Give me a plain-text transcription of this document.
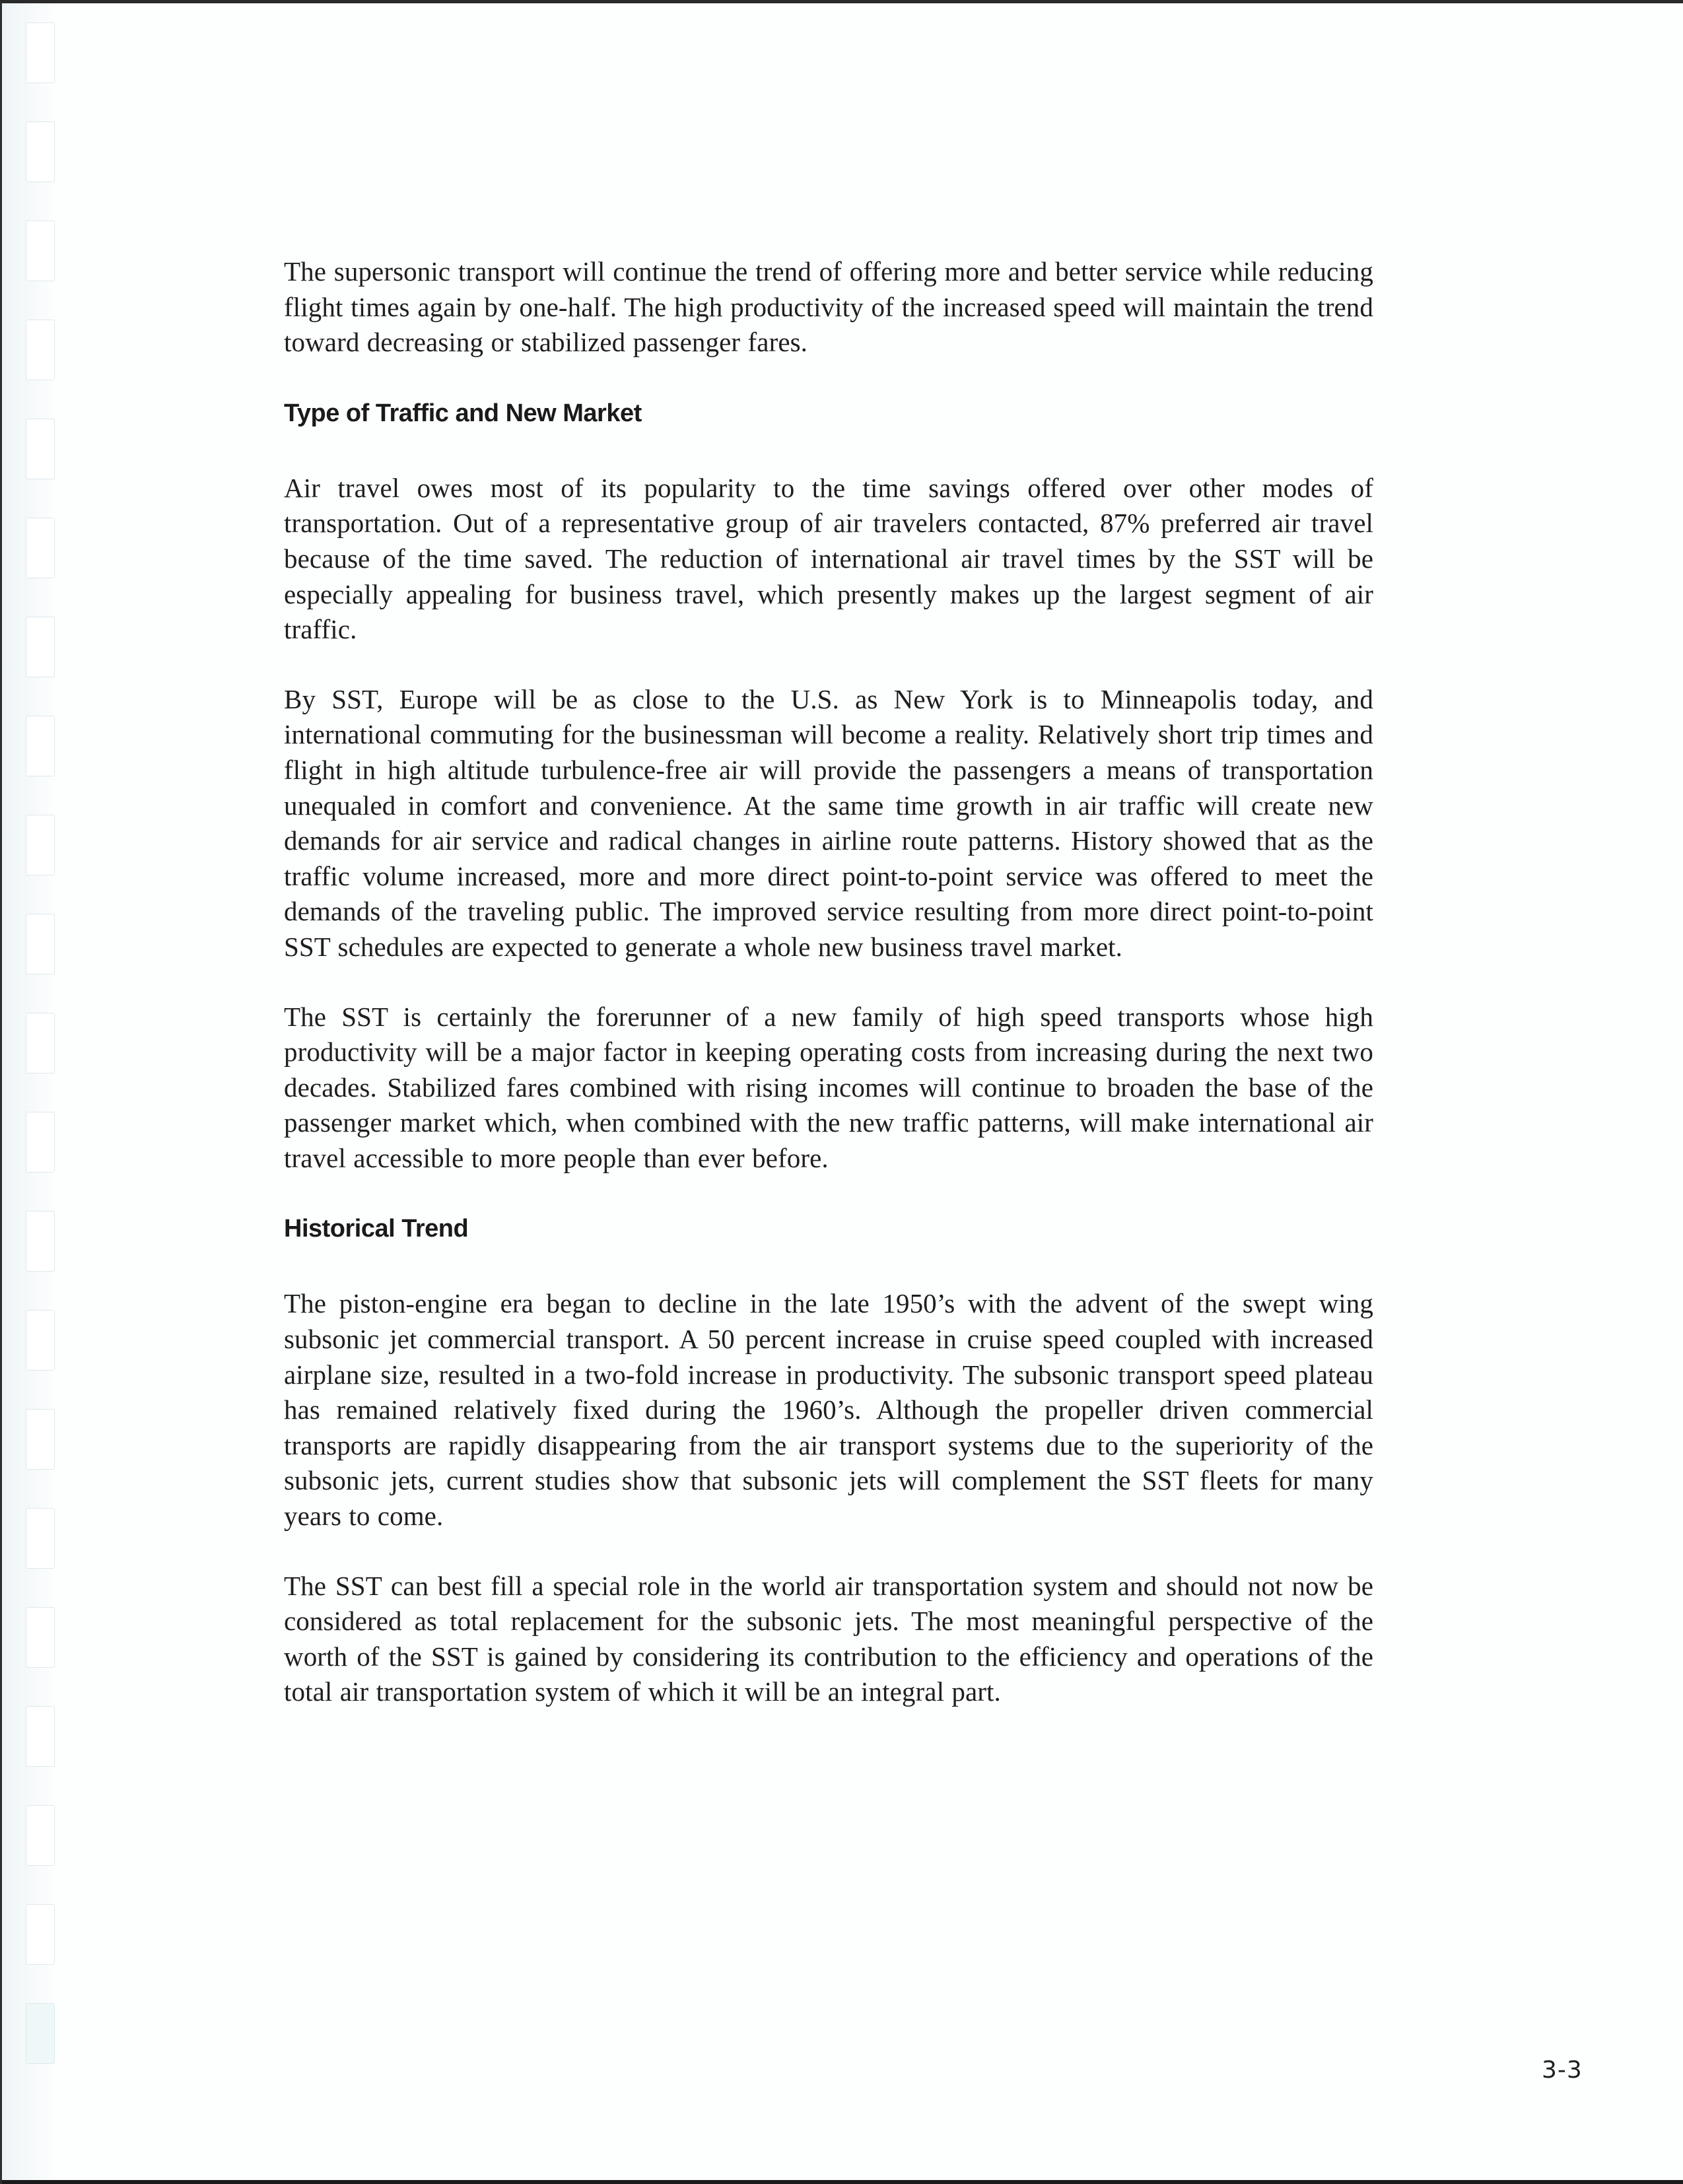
The supersonic transport will continue the trend of offering more and better service while reducing flight times again by one-half. The high productivity of the increased speed will maintain the trend toward decreasing or stabilized passenger fares.

Type of Traffic and New Market

Air travel owes most of its popularity to the time savings offered over other modes of transportation. Out of a representative group of air travelers contacted, 87% preferred air travel because of the time saved. The reduction of international air travel times by the SST will be especially appealing for business travel, which presently makes up the largest segment of air traffic.

By SST, Europe will be as close to the U.S. as New York is to Minneapolis today, and international commuting for the businessman will become a reality. Relatively short trip times and flight in high altitude turbulence-free air will provide the passengers a means of transportation unequaled in comfort and convenience. At the same time growth in air traffic will create new demands for air service and radical changes in airline route patterns. History showed that as the traffic volume increased, more and more direct point-to-point service was offered to meet the demands of the traveling public. The improved service resulting from more direct point-to-point SST schedules are expected to generate a whole new business travel market.

The SST is certainly the forerunner of a new family of high speed transports whose high productivity will be a major factor in keeping operating costs from increasing during the next two decades. Stabilized fares combined with rising incomes will continue to broaden the base of the passenger market which, when combined with the new traffic patterns, will make international air travel accessible to more people than ever before.

Historical Trend

The piston-engine era began to decline in the late 1950’s with the advent of the swept wing subsonic jet commercial transport. A 50 percent increase in cruise speed coupled with increased airplane size, resulted in a two-fold increase in productivity. The subsonic transport speed plateau has remained relatively fixed during the 1960’s. Although the propeller driven commercial transports are rapidly disappearing from the air transport systems due to the superiority of the subsonic jets, current studies show that subsonic jets will complement the SST fleets for many years to come.

The SST can best fill a special role in the world air transportation system and should not now be considered as total replacement for the subsonic jets. The most meaningful perspective of the worth of the SST is gained by considering its contribution to the efficiency and operations of the total air transportation system of which it will be an integral part.

3-3
